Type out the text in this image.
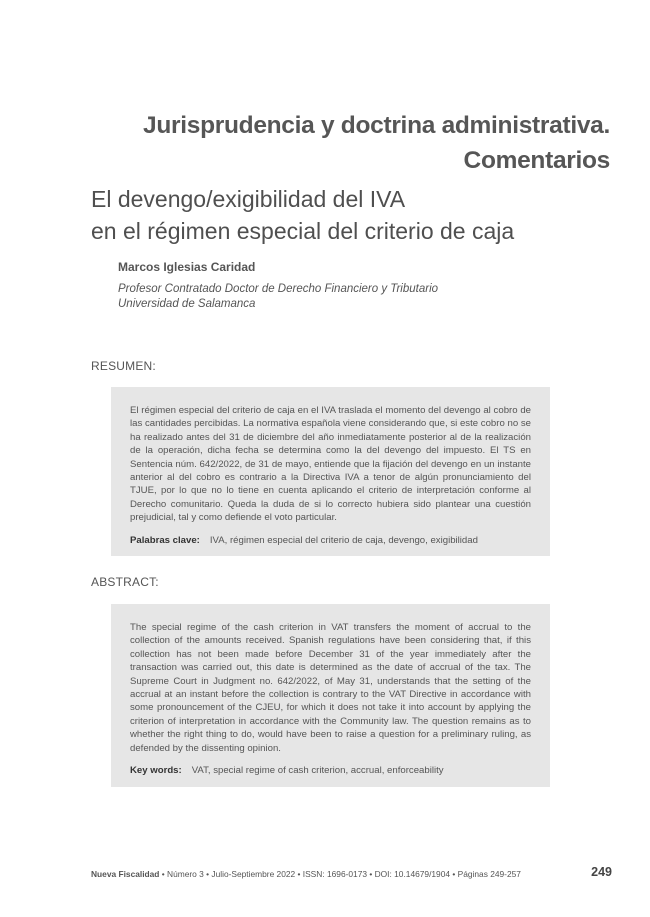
Jurisprudencia y doctrina administrativa.
Comentarios
El devengo/exigibilidad del IVA
en el régimen especial del criterio de caja
Marcos Iglesias Caridad
Profesor Contratado Doctor de Derecho Financiero y Tributario
Universidad de Salamanca
RESUMEN:

El régimen especial del criterio de caja en el IVA traslada el momento del devengo al cobro de las cantidades percibidas. La normativa española viene considerando que, si este cobro no se ha realizado antes del 31 de diciembre del año inmediatamente posterior al de la realización de la operación, dicha fecha se determina como la del devengo del impuesto. El TS en Sentencia núm. 642/2022, de 31 de mayo, entiende que la fijación del devengo en un instante anterior al del cobro es contrario a la Directiva IVA a tenor de algún pronunciamiento del TJUE, por lo que no lo tiene en cuenta aplicando el criterio de interpretación conforme al Derecho comunitario. Queda la duda de si lo correcto hubiera sido plantear una cuestión prejudicial, tal y como defiende el voto particular.

Palabras clave: IVA, régimen especial del criterio de caja, devengo, exigibilidad
ABSTRACT:

The special regime of the cash criterion in VAT transfers the moment of accrual to the collection of the amounts received. Spanish regulations have been considering that, if this collection has not been made before December 31 of the year immediately after the transaction was carried out, this date is determined as the date of accrual of the tax. The Supreme Court in Judgment no. 642/2022, of May 31, understands that the setting of the accrual at an instant before the collection is contrary to the VAT Directive in accordance with some pronouncement of the CJEU, for which it does not take it into account by applying the criterion of interpretation in accordance with the Community law. The question remains as to whether the right thing to do, would have been to raise a question for a preliminary ruling, as defended by the dissenting opinion.

Key words: VAT, special regime of cash criterion, accrual, enforceability
Nueva Fiscalidad • Número 3 • Julio-Septiembre 2022 • ISSN: 1696-0173 • DOI: 10.14679/1904 • Páginas 249-257	249
